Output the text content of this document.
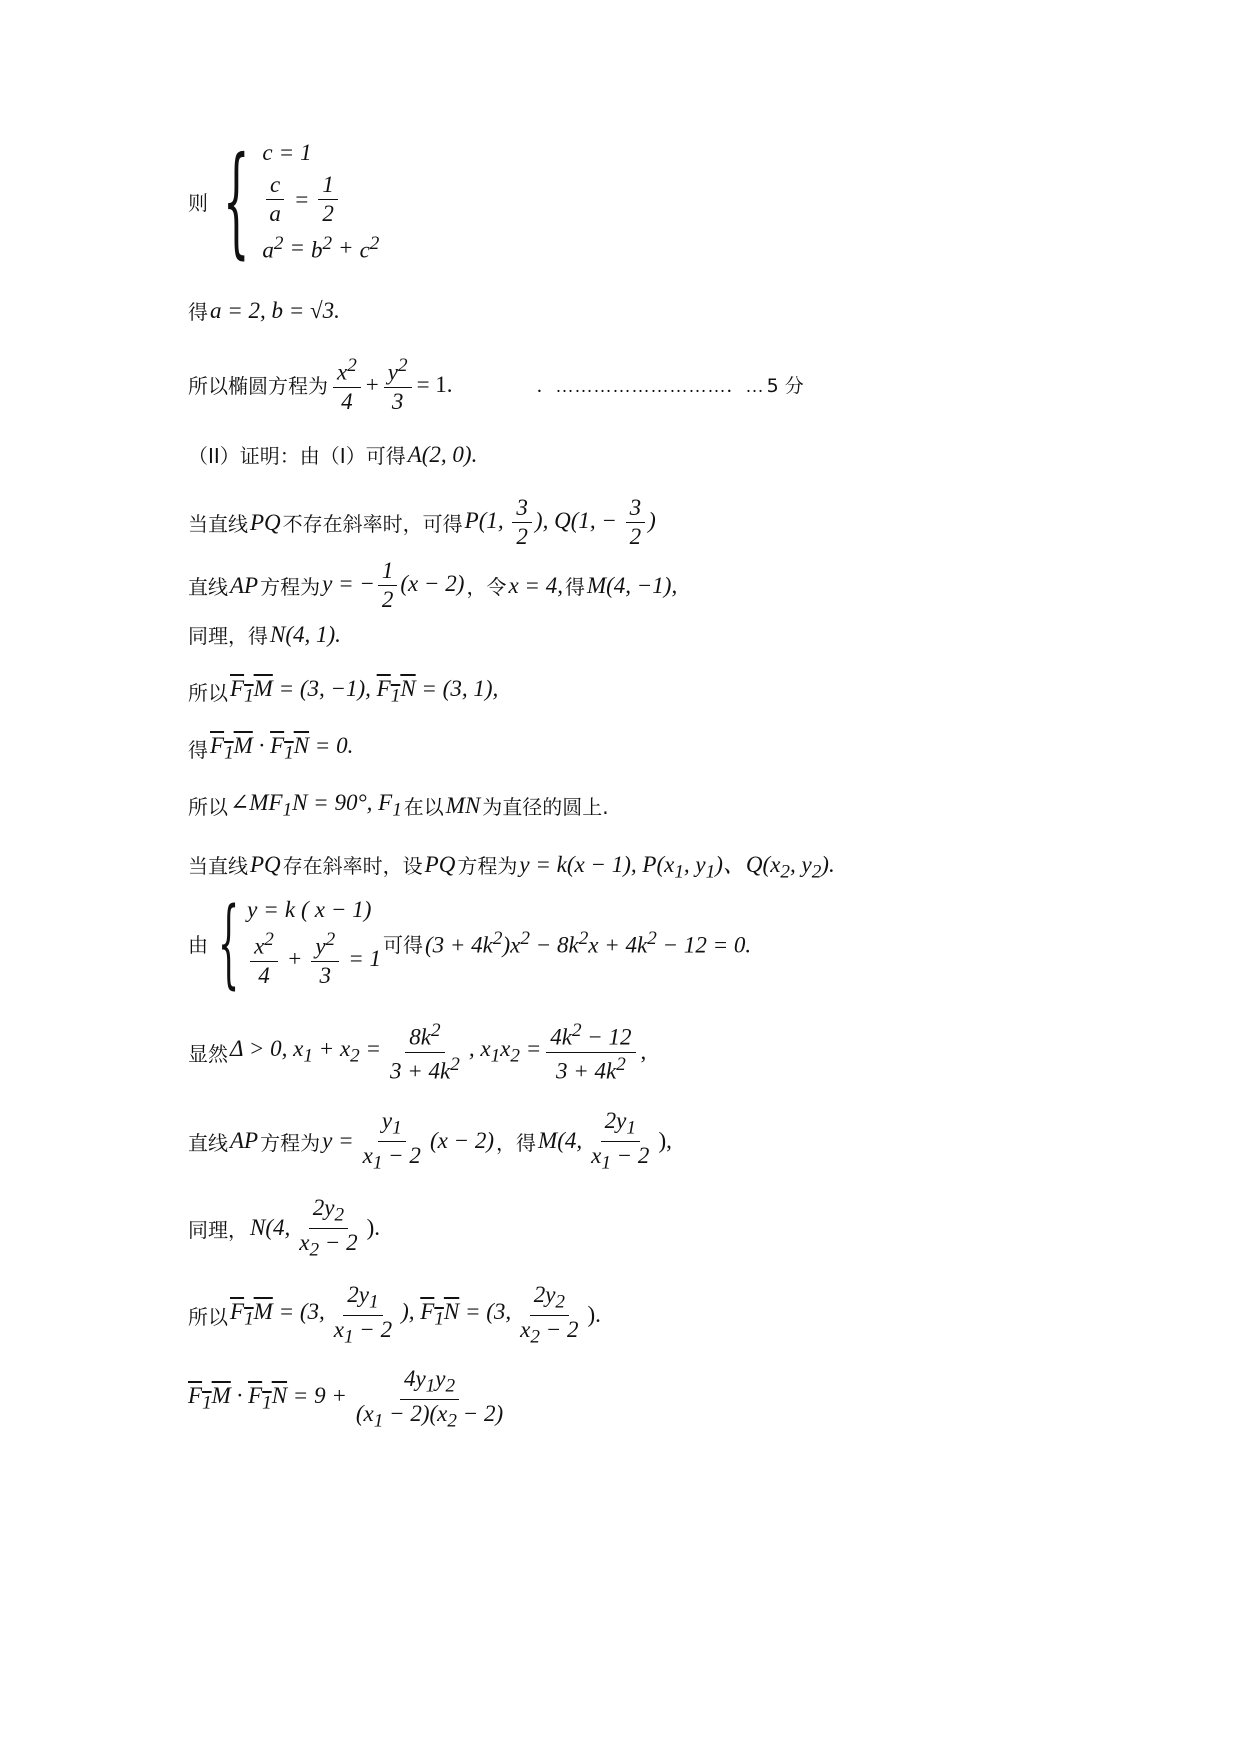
则 { c = 1
$\frac{c}{a} = \frac{1}{2}$
$a^2 = b^2 + c^2$
得 a = 2, b = √3.
所以椭圆方程为 $\frac{x^2}{4} + \frac{y^2}{3} = 1$.	．………………………．… 5 分
（II）证明：由（I）可得 A(2, 0).
当直线 PQ 不存在斜率时，可得 P(1, $\frac{3}{2}$ ), Q(1, − $\frac{3}{2}$ )
直线 AP 方程为 y = − $\frac{1}{2} (x - 2)$ ，令 x = 4, 得 M(4, −1),
同理，得 N(4, 1).
所以 $F_1M = (3$, −1), $F_1N = (3$, 1),
得 $F_1M \cdot F_1N = 0$.
所以 $\angle MF_1N = 90^\circ$, $F_1$ 在以 MN 为直径的圆上.
当直线 PQ 存在斜率时，设 PQ 方程为 y = k(x − 1), $P(x_1$, $y_1$)、$Q(x_2$, $y_2$).
由 { y = k ( x − 1)
$\frac{x^2}{4} + \frac{y^2}{3} = 1$
可得 $(3 + 4k^2)x^2 - 8k^2x + 4k^2 - 12 = 0$.
显然 Δ > 0, $x_1 + x_2 = \frac{8k^2}{3 + 4k^2}$ , $x_1x_2 = \frac{4k^2 - 12}{3 + 4k^2}$ ,
直线 AP 方程为 $y = \frac{y_1}{x_1 - 2} (x - 2)$ ，得 M(4, $\frac{2y_1}{x_1 - 2}$ ),
同理， N(4, $\frac{2y_2}{x_2 - 2}$ ).
所以 $F_1M = (3$, $\frac{2y_1}{x_1 - 2}$ ), $F_1N = (3$, $\frac{2y_2}{x_2 - 2}$ ).
$F_1M \cdot F_1N = 9 + \frac{4y_1y_2}{(x_1 - 2)(x_2 - 2)}$
